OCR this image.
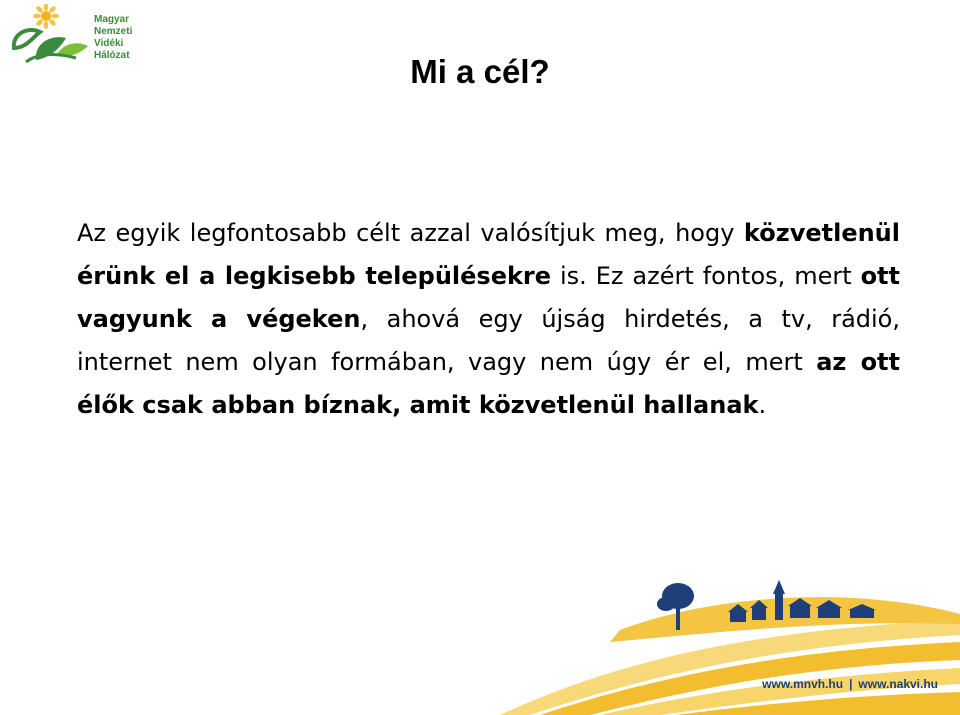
Magyar
Nemzeti
Vidéki
Hálózat	Mi a cél?
Az egyik legfontosabb célt azzal valósítjuk meg, hogy közvetlenül érünk el a legkisebb településekre is. Ez azért fontos, mert ott vagyunk a végeken, ahová egy újság hirdetés, a tv, rádió, internet nem olyan formában, vagy nem úgy ér el, mert az ott élők csak abban bíznak, amit közvetlenül hallanak.
www.mnvh.hu | www.nakvi.hu
